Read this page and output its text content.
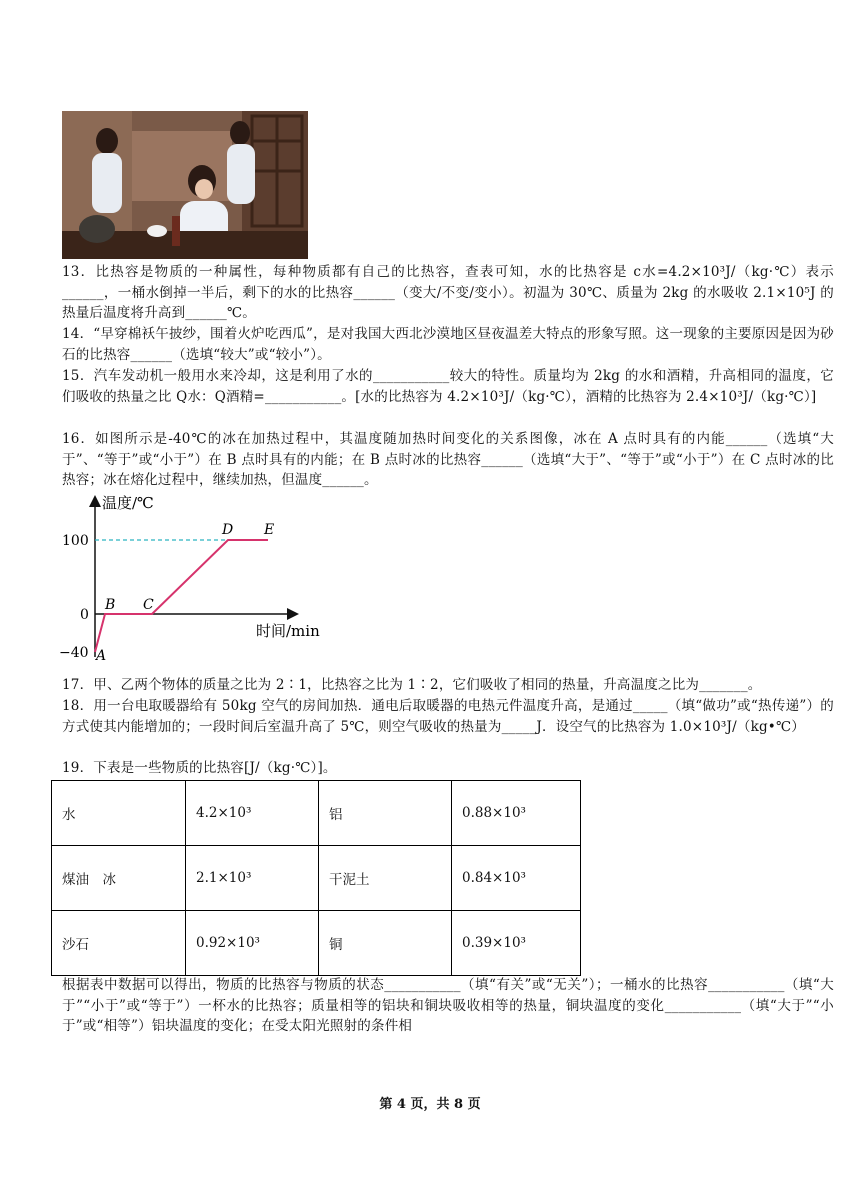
13．比热容是物质的一种属性，每种物质都有自己的比热容，查表可知，水的比热容是 c水=4.2×10³J/（kg·℃）表示______，一桶水倒掉一半后，剩下的水的比热容______（变大/不变/变小）。初温为 30℃、质量为 2kg 的水吸收 2.1×10⁵J 的热量后温度将升高到______℃。
14．“早穿棉袄午披纱，围着火炉吃西瓜”，是对我国大西北沙漠地区昼夜温差大特点的形象写照。这一现象的主要原因是因为砂石的比热容______（选填“较大”或“较小”）。
15．汽车发动机一般用水来冷却，这是利用了水的___________较大的特性。质量均为 2kg 的水和酒精，升高相同的温度，它们吸收的热量之比 Q水：Q酒精=___________。[水的比热容为 4.2×10³J/（kg·℃），酒精的比热容为 2.4×10³J/（kg·℃）]
16．如图所示是-40℃的冰在加热过程中，其温度随加热时间变化的关系图像，冰在 A 点时具有的内能______（选填“大于”、“等于”或“小于”）在 B 点时具有的内能；在 B 点时冰的比热容______（选填“大于”、“等于”或“小于”）在 C 点时冰的比热容；冰在熔化过程中，继续加热，但温度______。
温度/℃
时间/min
100
0
−40 A
B C
D E
17．甲、乙两个物体的质量之比为 2∶1，比热容之比为 1∶2，它们吸收了相同的热量，升高温度之比为_______。
18．用一台电取暖器给有 50kg 空气的房间加热．通电后取暖器的电热元件温度升高，是通过_____（填“做功”或“热传递”）的方式使其内能增加的；一段时间后室温升高了 5℃，则空气吸收的热量为_____J．设空气的比热容为 1.0×10³J/（kg•℃）
19．下表是一些物质的比热容[J/（kg·℃）]。
水	4.2×10³	铝	0.88×10³
煤油　冰	2.1×10³	干泥土	0.84×10³
沙石	0.92×10³	铜	0.39×10³
根据表中数据可以得出，物质的比热容与物质的状态___________（填“有关”或“无关”）；一桶水的比热容___________（填“大于”“小于”或“等于”）一杯水的比热容；质量相等的铝块和铜块吸收相等的热量，铜块温度的变化___________（填“大于”“小于”或“相等”）铝块温度的变化；在受太阳光照射的条件相
第 4 页，共 8 页
